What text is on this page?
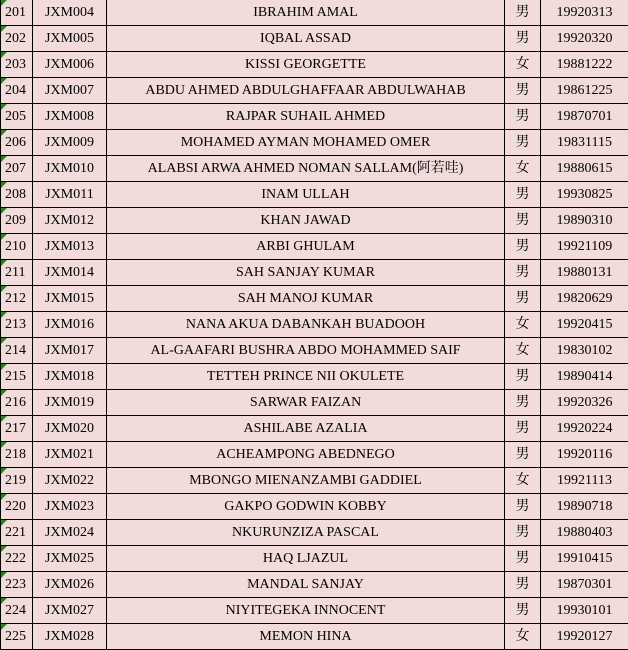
201	JXM004	IBRAHIM AMAL	男	19920313

202	JXM005	IQBAL ASSAD	男	19920320

203	JXM006	KISSI GEORGETTE	女	19881222

204	JXM007	ABDU AHMED ABDULGHAFFAAR ABDULWAHAB	男	19861225

205	JXM008	RAJPAR SUHAIL AHMED	男	19870701

206	JXM009	MOHAMED AYMAN MOHAMED OMER	男	19831115

207	JXM010	ALABSI ARWA AHMED NOMAN SALLAM(阿若哇)	女	19880615

208	JXM011	INAM ULLAH	男	19930825

209	JXM012	KHAN JAWAD	男	19890310

210	JXM013	ARBI GHULAM	男	19921109

211	JXM014	SAH SANJAY KUMAR	男	19880131

212	JXM015	SAH MANOJ KUMAR	男	19820629

213	JXM016	NANA AKUA DABANKAH BUADOOH	女	19920415

214	JXM017	AL-GAAFARI BUSHRA ABDO MOHAMMED SAIF	女	19830102

215	JXM018	TETTEH PRINCE NII OKULETE	男	19890414

216	JXM019	SARWAR FAIZAN	男	19920326

217	JXM020	ASHILABE AZALIA	男	19920224

218	JXM021	ACHEAMPONG ABEDNEGO	男	19920116

219	JXM022	MBONGO MIENANZAMBI GADDIEL	女	19921113

220	JXM023	GAKPO GODWIN KOBBY	男	19890718

221	JXM024	NKURUNZIZA PASCAL	男	19880403

222	JXM025	HAQ LJAZUL	男	19910415

223	JXM026	MANDAL SANJAY	男	19870301

224	JXM027	NIYITEGEKA INNOCENT	男	19930101

225	JXM028	MEMON HINA	女	19920127
